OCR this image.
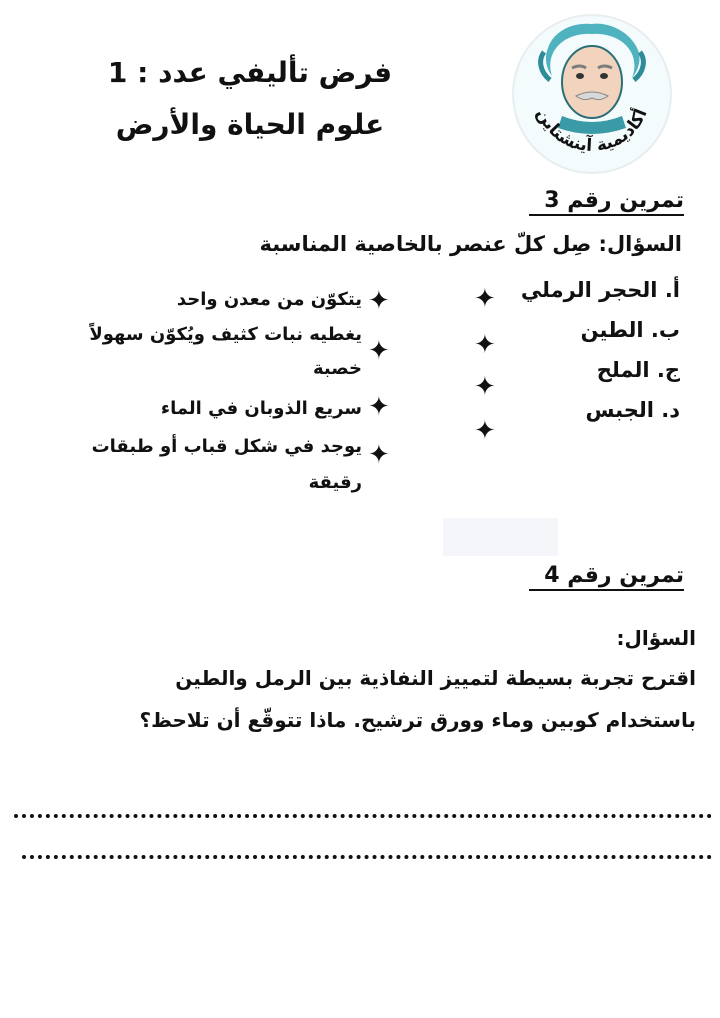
فرض تأليفي عدد : 1
علوم الحياة والأرض	أكاديمية آينشتاين
تمرين رقم 3
السؤال: صِل كلّ عنصر بالخاصية المناسبة
أ. الحجر الرملي
ب. الطين
ج. الملح
د. الجبس
✦
✦
✦
✦
✦
✦
✦
✦
يتكوّن من معدن واحد
يغطيه نبات كثيف ويُكوّن سهولاً
خصبة
سريع الذوبان في الماء
يوجد في شكل قباب أو طبقات
رقيقة
تمرين رقم 4
السؤال:
اقترح تجربة بسيطة لتمييز النفاذية بين الرمل والطين
باستخدام كوبين وماء وورق ترشيح. ماذا تتوقّع أن تلاحظ؟
